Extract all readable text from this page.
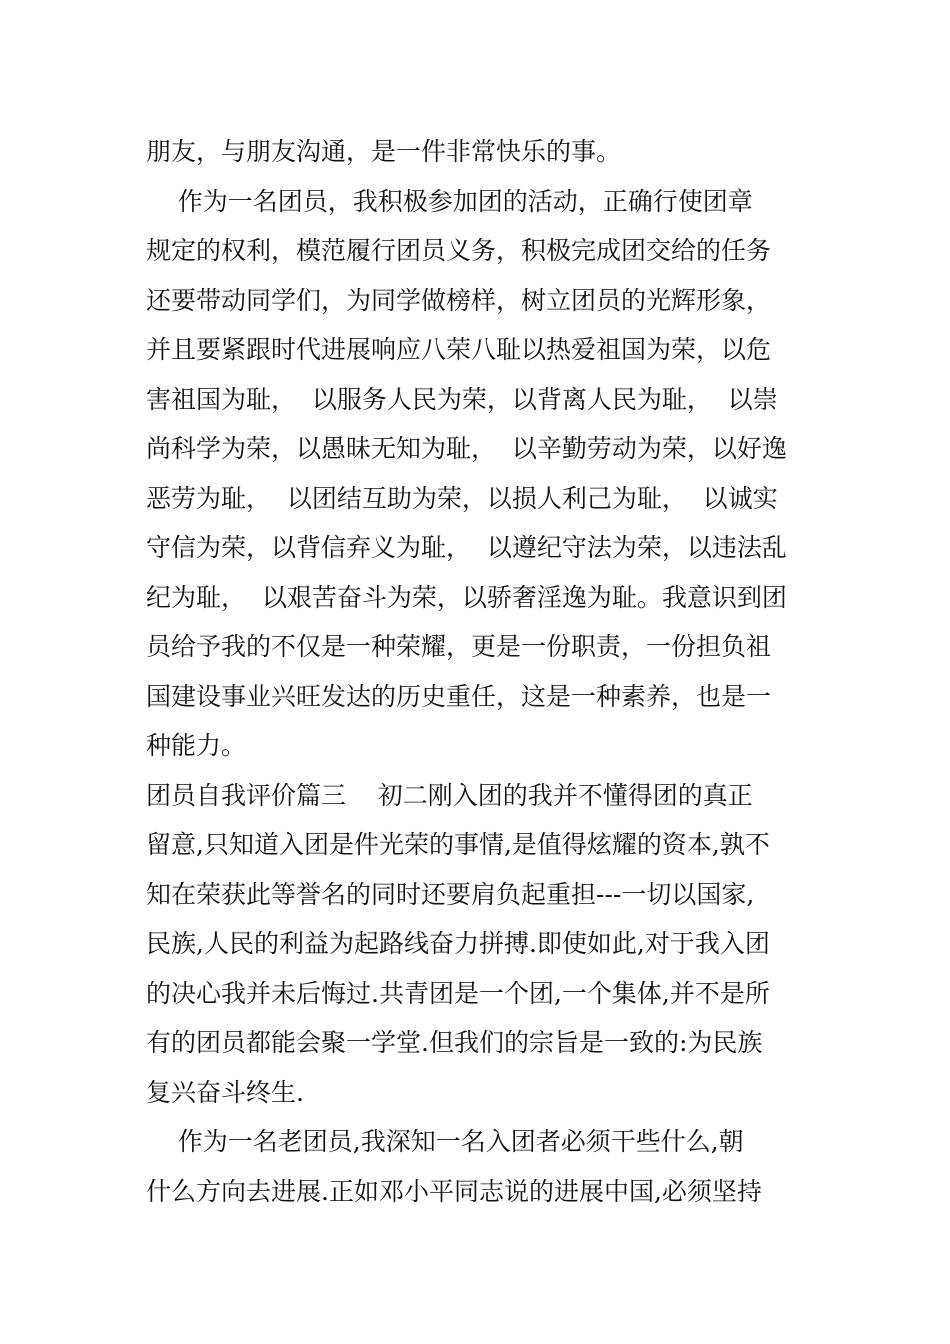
朋友，与朋友沟通，是一件非常快乐的事。
作为一名团员，我积极参加团的活动，正确行使团章
规定的权利，模范履行团员义务，积极完成团交给的任务
还要带动同学们，为同学做榜样，树立团员的光辉形象，
并且要紧跟时代进展响应八荣八耻以热爱祖国为荣，以危
害祖国为耻，  以服务人民为荣，以背离人民为耻，  以崇
尚科学为荣，以愚昧无知为耻，  以辛勤劳动为荣，以好逸
恶劳为耻，  以团结互助为荣，以损人利己为耻，  以诚实
守信为荣，以背信弃义为耻，  以遵纪守法为荣，以违法乱
纪为耻，  以艰苦奋斗为荣，以骄奢淫逸为耻。我意识到团
员给予我的不仅是一种荣耀，更是一份职责，一份担负祖
国建设事业兴旺发达的历史重任，这是一种素养，也是一
种能力。
团员自我评价篇三    初二刚入团的我并不懂得团的真正
留意,只知道入团是件光荣的事情,是值得炫耀的资本,孰不
知在荣获此等誉名的同时还要肩负起重担---一切以国家,
民族,人民的利益为起路线奋力拼搏.即使如此,对于我入团
的决心我并未后悔过.共青团是一个团,一个集体,并不是所
有的团员都能会聚一学堂.但我们的宗旨是一致的:为民族
复兴奋斗终生.
作为一名老团员,我深知一名入团者必须干些什么,朝
什么方向去进展.正如邓小平同志说的进展中国,必须坚持
